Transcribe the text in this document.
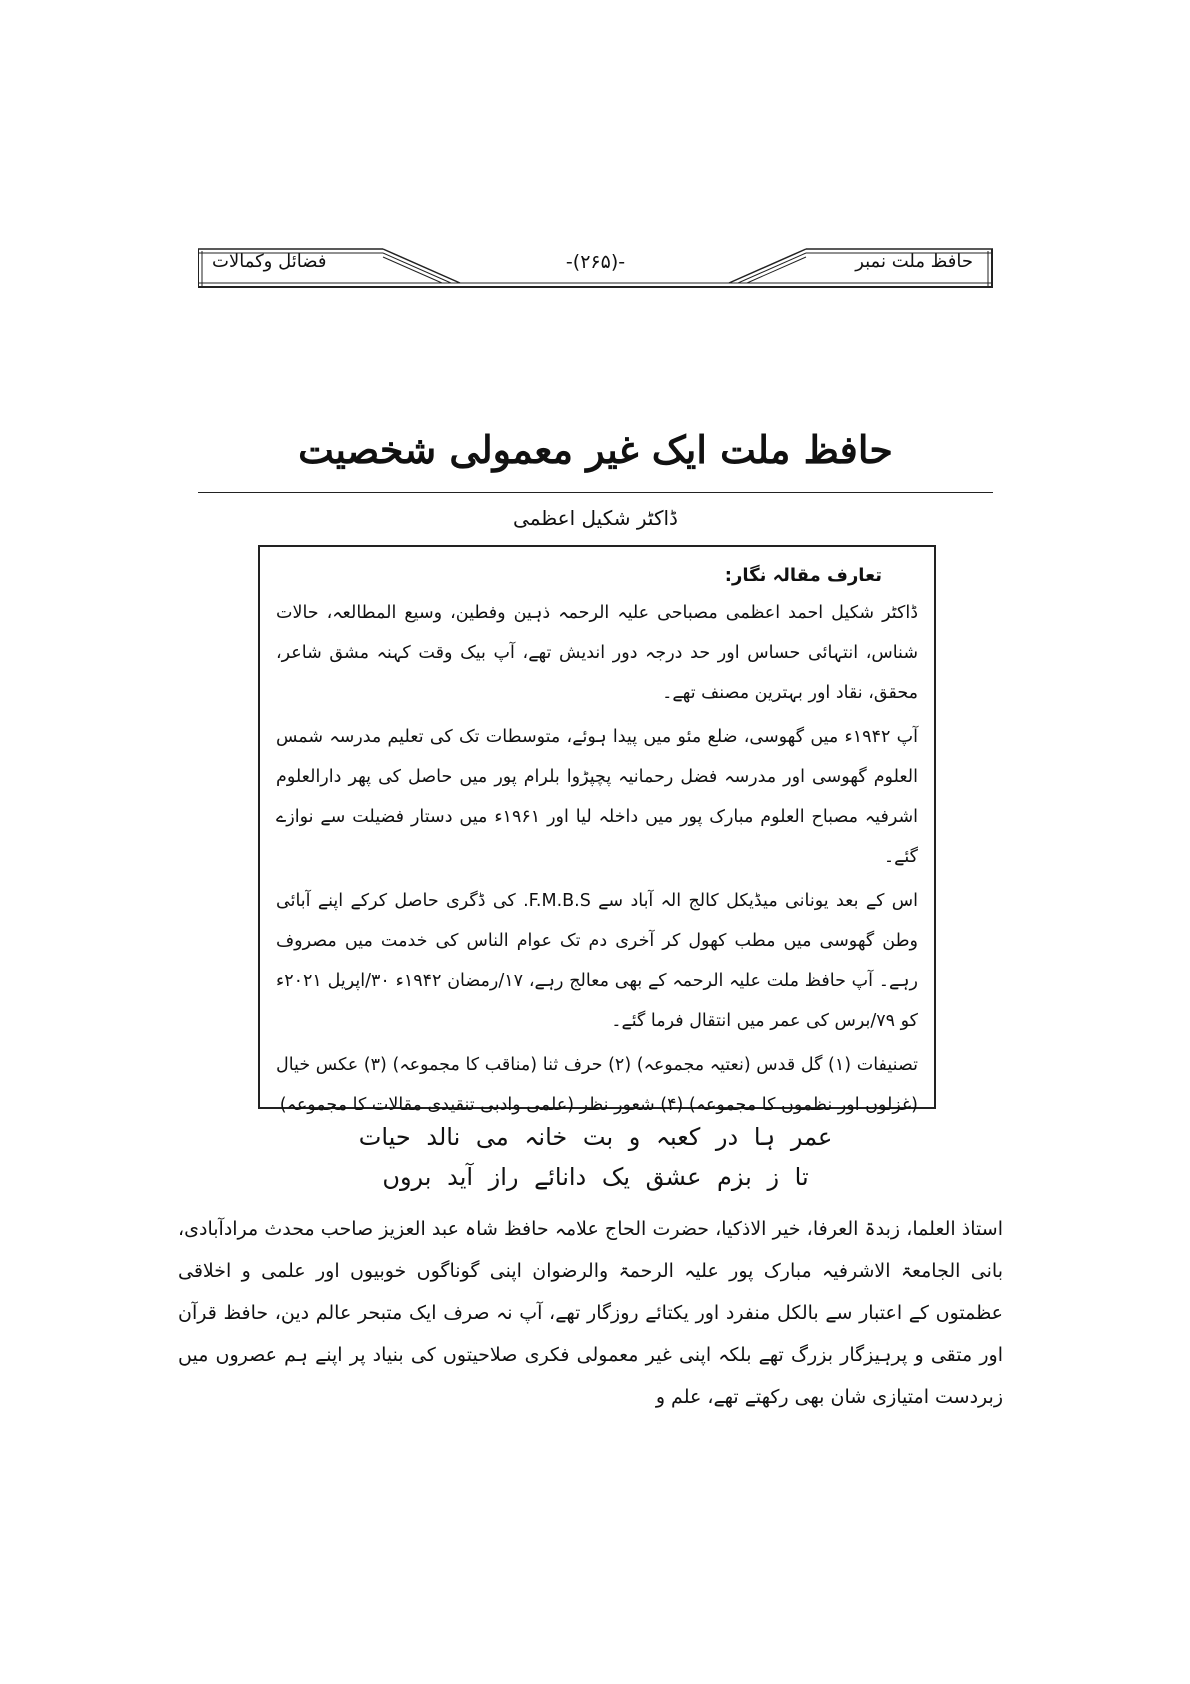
حافظ ملت نمبر
-(۲۶۵)-
فضائل وکمالات
حافظ ملت ایک غیر معمولی شخصیت
ڈاکٹر شکیل اعظمی
تعارف مقالہ نگار:

ڈاکٹر شکیل احمد اعظمی مصباحی علیہ الرحمہ ذہین وفطین، وسیع المطالعہ، حالات شناس، انتہائی حساس اور حد درجہ دور اندیش تھے، آپ بیک وقت کہنہ مشق شاعر، محقق، نقاد اور بہترین مصنف تھے۔

آپ ۱۹۴۲ء میں گھوسی، ضلع مئو میں پیدا ہوئے، متوسطات تک کی تعلیم مدرسہ شمس العلوم گھوسی اور مدرسہ فضل رحمانیہ پچپڑوا بلرام پور میں حاصل کی پھر دارالعلوم اشرفیہ مصباح العلوم مبارک پور میں داخلہ لیا اور ۱۹۶۱ء میں دستار فضیلت سے نوازے گئے۔

اس کے بعد یونانی میڈیکل کالج الہ آباد سے F.M.B.S. کی ڈگری حاصل کرکے اپنے آبائی وطن گھوسی میں مطب کھول کر آخری دم تک عوام الناس کی خدمت میں مصروف رہے۔ آپ حافظ ملت علیہ الرحمہ کے بھی معالج رہے، ۱۷/رمضان ۱۹۴۲ء ۳۰/اپریل ۲۰۲۱ء کو ۷۹/برس کی عمر میں انتقال فرما گئے۔

تصنیفات (۱) گل قدس (نعتیہ مجموعہ) (۲) حرف ثنا (مناقب کا مجموعہ) (۳) عکس خیال (غزلوں اور نظموں کا مجموعہ) (۴) شعور نظر (علمی وادبی تنقیدی مقالات کا مجموعہ)

عمر ہا در کعبہ و بت خانہ می نالد حیات
تا ز بزم عشق یک دانائے راز آید بروں
استاذ العلما، زبدۃ العرفا، خیر الاذکیا، حضرت الحاج علامہ حافظ شاہ عبد العزیز صاحب محدث مرادآبادی، بانی الجامعۃ الاشرفیہ مبارک پور علیہ الرحمۃ والرضوان اپنی گوناگوں خوبیوں اور علمی و اخلاقی عظمتوں کے اعتبار سے بالکل منفرد اور یکتائے روزگار تھے، آپ نہ صرف ایک متبحر عالم دین، حافظ قرآن اور متقی و پرہیزگار بزرگ تھے بلکہ اپنی غیر معمولی فکری صلاحیتوں کی بنیاد پر اپنے ہم عصروں میں زبردست امتیازی شان بھی رکھتے تھے، علم و
